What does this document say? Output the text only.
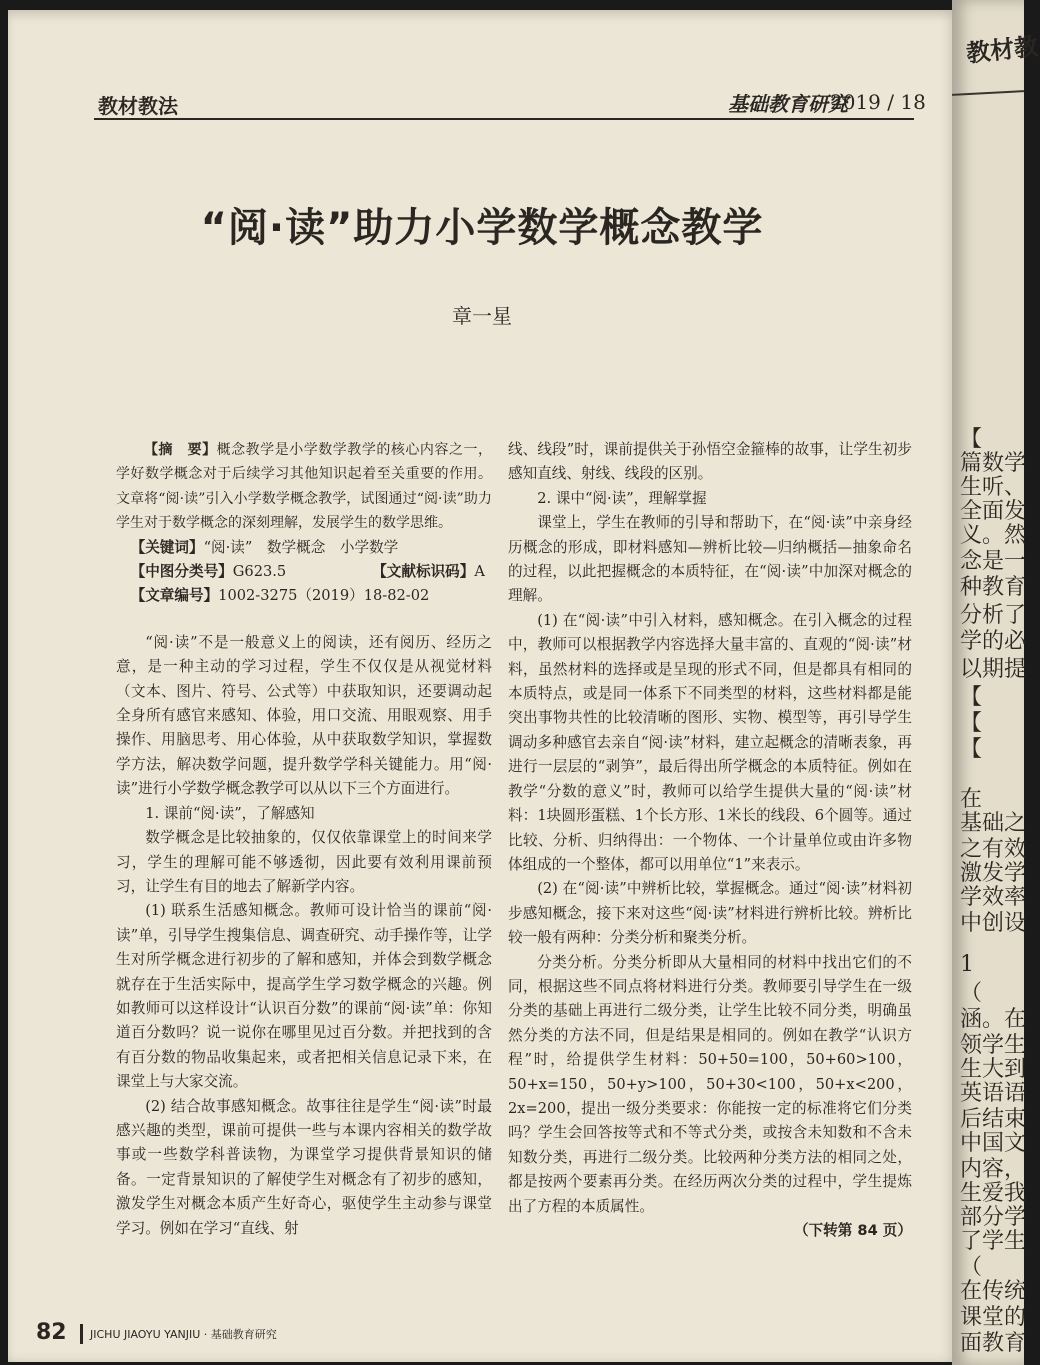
教材教法	基础教育研究
2019 / 18
“阅·读”助力小学数学概念教学
章一星

【摘　要】概念教学是小学数学教学的核心内容之一，学好数学概念对于后续学习其他知识起着至关重要的作用。文章将“阅·读”引入小学数学概念教学，试图通过“阅·读”助力学生对于数学概念的深刻理解，发展学生的数学思维。

【关键词】“阅·读”　数学概念　小学数学

【中图分类号】G623.5	【文献标识码】A

【文章编号】1002-3275（2019）18-82-02

“阅·读”不是一般意义上的阅读，还有阅历、经历之意，是一种主动的学习过程，学生不仅仅是从视觉材料（文本、图片、符号、公式等）中获取知识，还要调动起全身所有感官来感知、体验，用口交流、用眼观察、用手操作、用脑思考、用心体验，从中获取数学知识，掌握数学方法，解决数学问题，提升数学学科关键能力。用“阅·读”进行小学数学概念教学可以从以下三个方面进行。

1. 课前“阅·读”，了解感知

数学概念是比较抽象的，仅仅依靠课堂上的时间来学习，学生的理解可能不够透彻，因此要有效利用课前预习，让学生有目的地去了解新学内容。

(1) 联系生活感知概念。教师可设计恰当的课前“阅·读”单，引导学生搜集信息、调查研究、动手操作等，让学生对所学概念进行初步的了解和感知，并体会到数学概念就存在于生活实际中，提高学生学习数学概念的兴趣。例如教师可以这样设计“认识百分数”的课前“阅·读”单：你知道百分数吗？说一说你在哪里见过百分数。并把找到的含有百分数的物品收集起来，或者把相关信息记录下来，在课堂上与大家交流。

(2) 结合故事感知概念。故事往往是学生“阅·读”时最感兴趣的类型，课前可提供一些与本课内容相关的数学故事或一些数学科普读物，为课堂学习提供背景知识的储备。一定背景知识的了解使学生对概念有了初步的感知，激发学生对概念本质产生好奇心，驱使学生主动参与课堂学习。例如在学习“直线、射

线、线段”时，课前提供关于孙悟空金箍棒的故事，让学生初步感知直线、射线、线段的区别。

2. 课中“阅·读”，理解掌握

课堂上，学生在教师的引导和帮助下，在“阅·读”中亲身经历概念的形成，即材料感知—辨析比较—归纳概括—抽象命名的过程，以此把握概念的本质特征，在“阅·读”中加深对概念的理解。

(1) 在“阅·读”中引入材料，感知概念。在引入概念的过程中，教师可以根据教学内容选择大量丰富的、直观的“阅·读”材料，虽然材料的选择或是呈现的形式不同，但是都具有相同的本质特点，或是同一体系下不同类型的材料，这些材料都是能突出事物共性的比较清晰的图形、实物、模型等，再引导学生调动多种感官去亲自“阅·读”材料，建立起概念的清晰表象，再进行一层层的“剥笋”，最后得出所学概念的本质特征。例如在教学“分数的意义”时，教师可以给学生提供大量的“阅·读”材料：1块圆形蛋糕、1个长方形、1米长的线段、6个圆等。通过比较、分析、归纳得出：一个物体、一个计量单位或由许多物体组成的一个整体，都可以用单位“1”来表示。

(2) 在“阅·读”中辨析比较，掌握概念。通过“阅·读”材料初步感知概念，接下来对这些“阅·读”材料进行辨析比较。辨析比较一般有两种：分类分析和聚类分析。

分类分析。分类分析即从大量相同的材料中找出它们的不同，根据这些不同点将材料进行分类。教师要引导学生在一级分类的基础上再进行二级分类，让学生比较不同分类，明确虽然分类的方法不同，但是结果是相同的。例如在教学“认识方程”时，给提供学生材料：50+50=100，50+60>100，50+x=150，50+y>100，50+30<100，50+x<200，2x=200，提出一级分类要求：你能按一定的标准将它们分类吗？学生会回答按等式和不等式分类，或按含未知数和不含未知数分类，再进行二级分类。比较两种分类方法的相同之处，都是按两个要素再分类。在经历两次分类的过程中，学生提炼出了方程的本质属性。

（下转第 84 页）

82 JICHU JIAOYU YANJIU · 基础教育研究
教材教
【
篇数学
生听、
全面发
义。然
念是一
种教育
分析了
学的必
以期提
【
【
【
在
基础之
之有效
激发学
学效率
中创设
1
（
涵。在
领学生
生大到
英语语
后结束
中国文
内容，
生爱我
部分学
了学生
（
在传统
课堂的
面教育
